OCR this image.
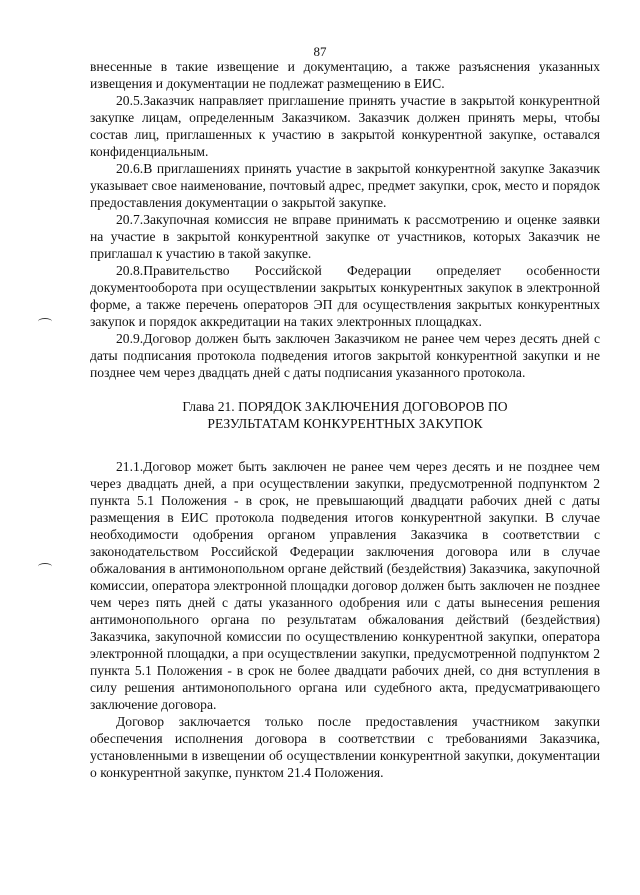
87

внесенные в такие извещение и документацию, а также разъяснения указанных извещения и документации не подлежат размещению в ЕИС.

20.5.Заказчик направляет приглашение принять участие в закрытой конкурентной закупке лицам, определенным Заказчиком. Заказчик должен принять меры, чтобы состав лиц, приглашенных к участию в закрытой конкурентной закупке, оставался конфиденциальным.

20.6.В приглашениях принять участие в закрытой конкурентной закупке Заказчик указывает свое наименование, почтовый адрес, предмет закупки, срок, место и порядок предоставления документации о закрытой закупке.

20.7.Закупочная комиссия не вправе принимать к рассмотрению и оценке заявки на участие в закрытой конкурентной закупке от участников, которых Заказчик не приглашал к участию в такой закупке.

20.8.Правительство Российской Федерации определяет особенности документооборота при осуществлении закрытых конкурентных закупок в электронной форме, а также перечень операторов ЭП для осуществления закрытых конкурентных закупок и порядок аккредитации на таких электронных площадках.

20.9.Договор должен быть заключен Заказчиком не ранее чем через десять дней с даты подписания протокола подведения итогов закрытой конкурентной закупки и не позднее чем через двадцать дней с даты подписания указанного протокола.

Глава 21. ПОРЯДОК ЗАКЛЮЧЕНИЯ ДОГОВОРОВ ПО
РЕЗУЛЬТАТАМ КОНКУРЕНТНЫХ ЗАКУПОК

21.1.Договор может быть заключен не ранее чем через десять и не позднее чем через двадцать дней, а при осуществлении закупки, предусмотренной подпунктом 2 пункта 5.1 Положения - в срок, не превышающий двадцати рабочих дней с даты размещения в ЕИС протокола подведения итогов конкурентной закупки. В случае необходимости одобрения органом управления Заказчика в соответствии с законодательством Российской Федерации заключения договора или в случае обжалования в антимонопольном органе действий (бездействия) Заказчика, закупочной комиссии, оператора электронной площадки договор должен быть заключен не позднее чем через пять дней с даты указанного одобрения или с даты вынесения решения антимонопольного органа по результатам обжалования действий (бездействия) Заказчика, закупочной комиссии по осуществлению конкурентной закупки, оператора электронной площадки, а при осуществлении закупки, предусмотренной подпунктом 2 пункта 5.1 Положения - в срок не более двадцати рабочих дней, со дня вступления в силу решения антимонопольного органа или судебного акта, предусматривающего заключение договора.

Договор заключается только после предоставления участником закупки обеспечения исполнения договора в соответствии с требованиями Заказчика, установленными в извещении об осуществлении конкурентной закупки, документации о конкурентной закупке, пунктом 21.4 Положения.
